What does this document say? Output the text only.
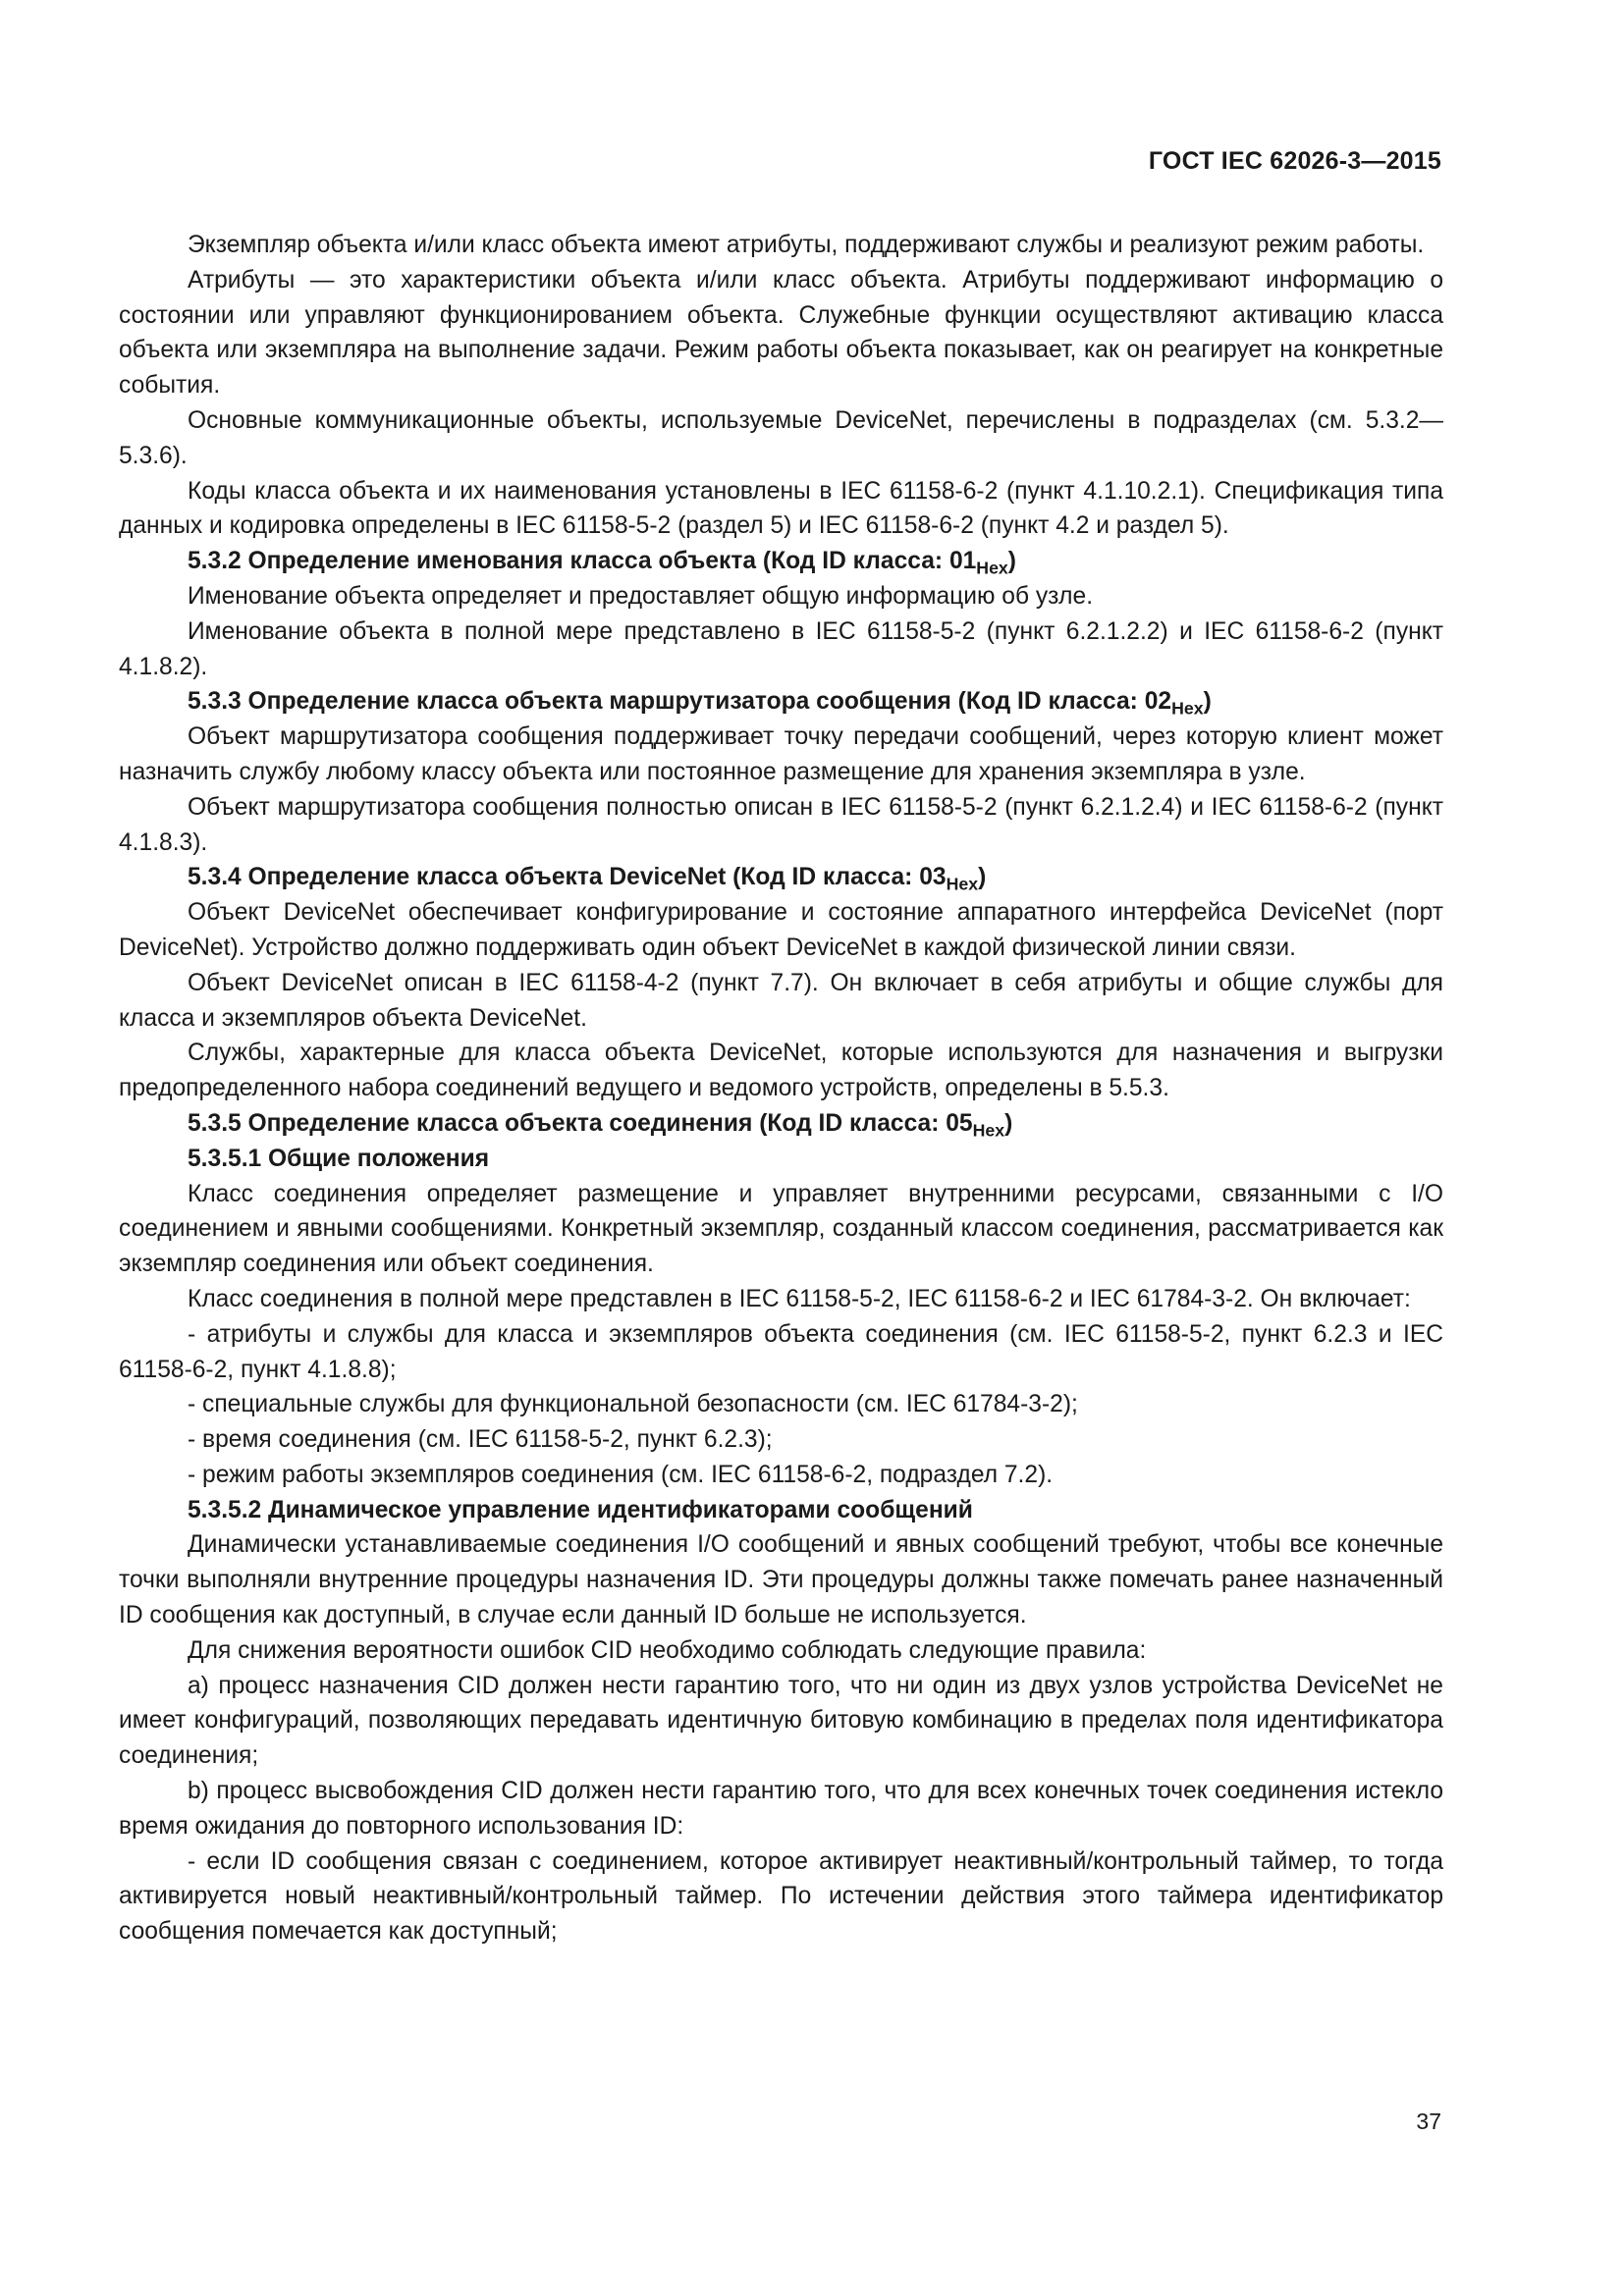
ГОСТ IEC 62026-3—2015

Экземпляр объекта и/или класс объекта имеют атрибуты, поддерживают службы и реализуют режим работы.

Атрибуты — это характеристики объекта и/или класс объекта. Атрибуты поддерживают информацию о состоянии или управляют функционированием объекта. Служебные функции осуществляют активацию класса объекта или экземпляра на выполнение задачи. Режим работы объекта показывает, как он реагирует на конкретные события.

Основные коммуникационные объекты, используемые DeviceNet, перечислены в подразделах (см. 5.3.2—5.3.6).

Коды класса объекта и их наименования установлены в IEC 61158-6-2 (пункт 4.1.10.2.1). Спецификация типа данных и кодировка определены в IEC 61158-5-2 (раздел 5) и IEC 61158-6-2 (пункт 4.2 и раздел 5).

5.3.2 Определение именования класса объекта (Код ID класса: $01_{Hex}$)

Именование объекта определяет и предоставляет общую информацию об узле.

Именование объекта в полной мере представлено в IEC 61158-5-2 (пункт 6.2.1.2.2) и IEC 61158-6-2 (пункт 4.1.8.2).

5.3.3 Определение класса объекта маршрутизатора сообщения (Код ID класса: $02_{Hex}$)

Объект маршрутизатора сообщения поддерживает точку передачи сообщений, через которую клиент может назначить службу любому классу объекта или постоянное размещение для хранения экземпляра в узле.

Объект маршрутизатора сообщения полностью описан в IEC 61158-5-2 (пункт 6.2.1.2.4) и IEC 61158-6-2 (пункт 4.1.8.3).

5.3.4 Определение класса объекта DeviceNet (Код ID класса: $03_{Hex}$)

Объект DeviceNet обеспечивает конфигурирование и состояние аппаратного интерфейса DeviceNet (порт DeviceNet). Устройство должно поддерживать один объект DeviceNet в каждой физической линии связи.

Объект DeviceNet описан в IEC 61158-4-2 (пункт 7.7). Он включает в себя атрибуты и общие службы для класса и экземпляров объекта DeviceNet.

Службы, характерные для класса объекта DeviceNet, которые используются для назначения и выгрузки предопределенного набора соединений ведущего и ведомого устройств, определены в 5.5.3.

5.3.5 Определение класса объекта соединения (Код ID класса: $05_{Hex}$)

5.3.5.1 Общие положения

Класс соединения определяет размещение и управляет внутренними ресурсами, связанными с I/O соединением и явными сообщениями. Конкретный экземпляр, созданный классом соединения, рассматривается как экземпляр соединения или объект соединения.

Класс соединения в полной мере представлен в IEC 61158-5-2, IEC 61158-6-2 и IEC 61784-3-2. Он включает:

- атрибуты и службы для класса и экземпляров объекта соединения (см. IEC 61158-5-2, пункт 6.2.3 и IEC 61158-6-2, пункт 4.1.8.8);

- специальные службы для функциональной безопасности (см. IEC 61784-3-2);

- время соединения (см. IEC 61158-5-2, пункт 6.2.3);

- режим работы экземпляров соединения (см. IEC 61158-6-2, подраздел 7.2).

5.3.5.2 Динамическое управление идентификаторами сообщений

Динамически устанавливаемые соединения I/O сообщений и явных сообщений требуют, чтобы все конечные точки выполняли внутренние процедуры назначения ID. Эти процедуры должны также помечать ранее назначенный ID сообщения как доступный, в случае если данный ID больше не используется.

Для снижения вероятности ошибок CID необходимо соблюдать следующие правила:

a) процесс назначения CID должен нести гарантию того, что ни один из двух узлов устройства DeviceNet не имеет конфигураций, позволяющих передавать идентичную битовую комбинацию в пределах поля идентификатора соединения;

b) процесс высвобождения CID должен нести гарантию того, что для всех конечных точек соединения истекло время ожидания до повторного использования ID:

- если ID сообщения связан с соединением, которое активирует неактивный/контрольный таймер, то тогда активируется новый неактивный/контрольный таймер. По истечении действия этого таймера идентификатор сообщения помечается как доступный;

37
